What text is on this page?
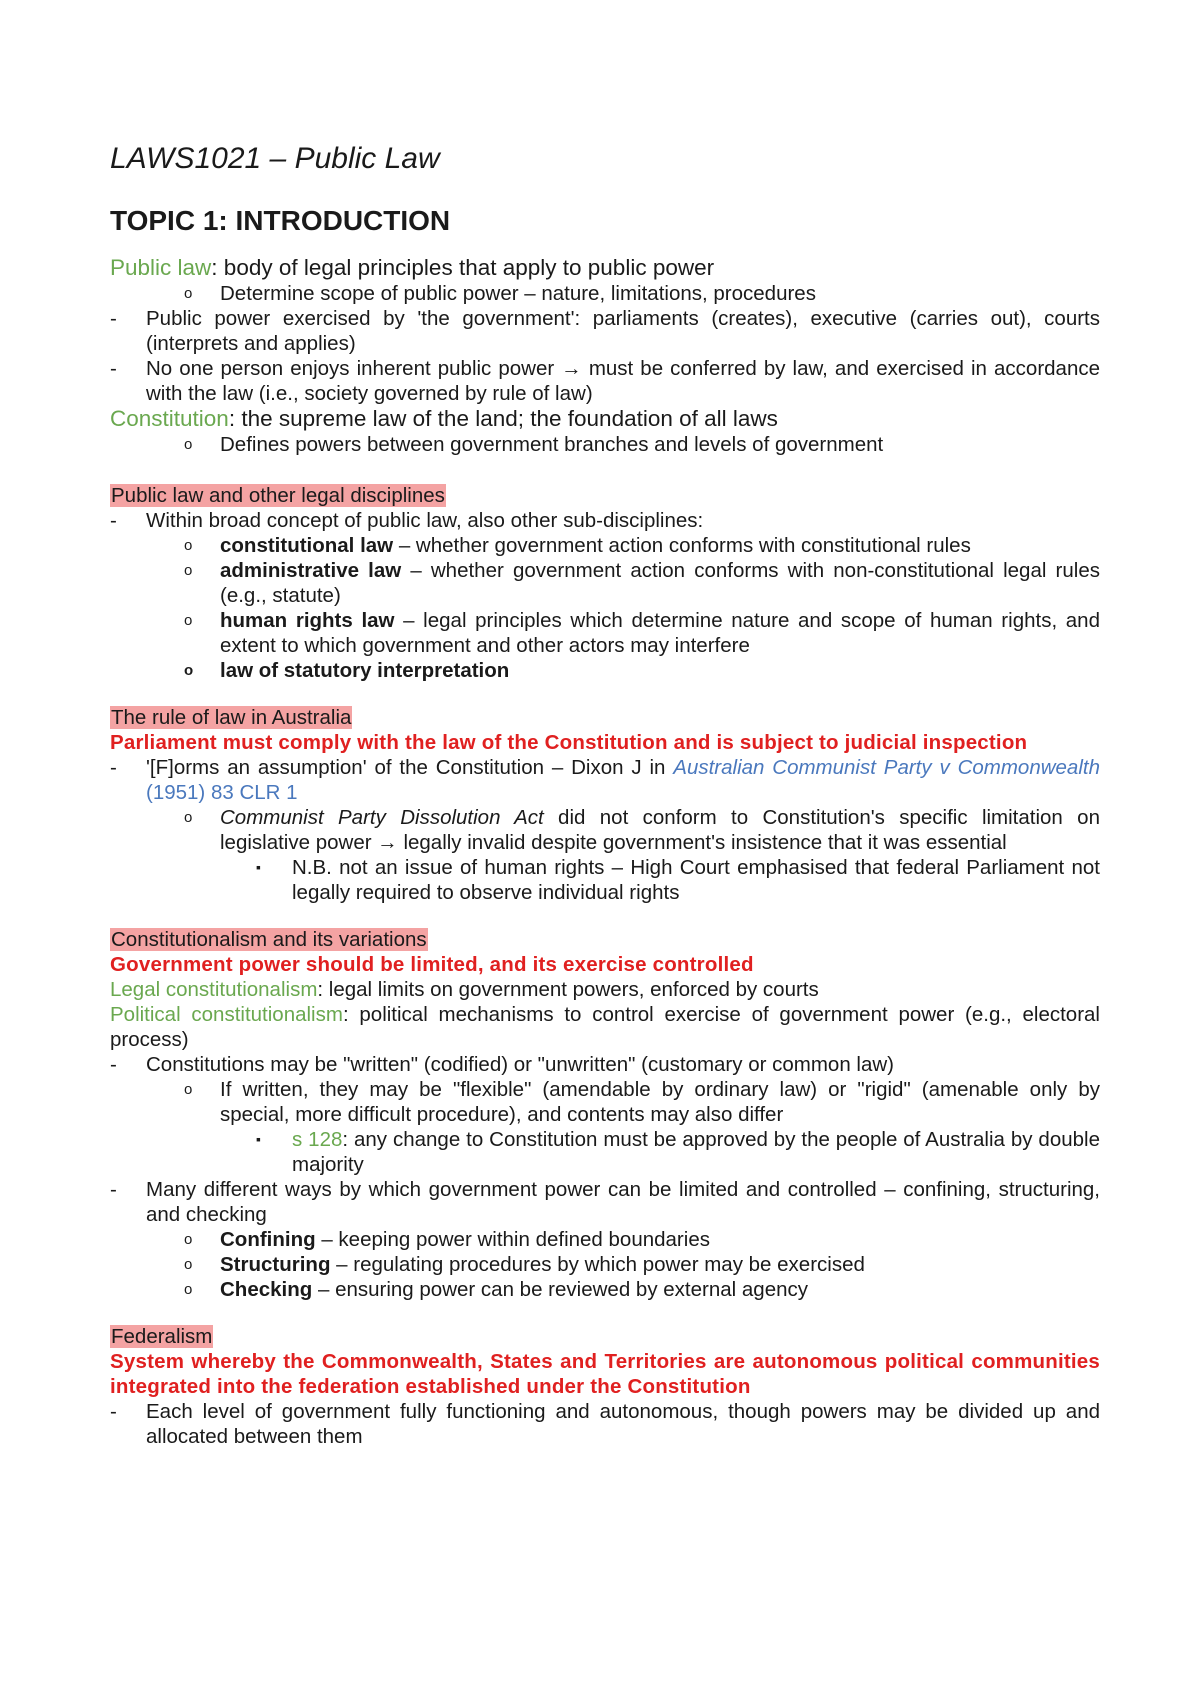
LAWS1021 – Public Law
TOPIC 1: INTRODUCTION
Public law: body of legal principles that apply to public power
o Determine scope of public power – nature, limitations, procedures
- Public power exercised by 'the government': parliaments (creates), executive (carries out), courts (interprets and applies)
- No one person enjoys inherent public power → must be conferred by law, and exercised in accordance with the law (i.e., society governed by rule of law)
Constitution: the supreme law of the land; the foundation of all laws
o Defines powers between government branches and levels of government
Public law and other legal disciplines
- Within broad concept of public law, also other sub-disciplines:
o constitutional law – whether government action conforms with constitutional rules
o administrative law – whether government action conforms with non-constitutional legal rules (e.g., statute)
o human rights law – legal principles which determine nature and scope of human rights, and extent to which government and other actors may interfere
o law of statutory interpretation
The rule of law in Australia
Parliament must comply with the law of the Constitution and is subject to judicial inspection
- '[F]orms an assumption' of the Constitution – Dixon J in Australian Communist Party v Commonwealth (1951) 83 CLR 1
o Communist Party Dissolution Act did not conform to Constitution's specific limitation on legislative power → legally invalid despite government's insistence that it was essential
▪ N.B. not an issue of human rights – High Court emphasised that federal Parliament not legally required to observe individual rights
Constitutionalism and its variations
Government power should be limited, and its exercise controlled
Legal constitutionalism: legal limits on government powers, enforced by courts
Political constitutionalism: political mechanisms to control exercise of government power (e.g., electoral process)
- Constitutions may be "written" (codified) or "unwritten" (customary or common law)
o If written, they may be "flexible" (amendable by ordinary law) or "rigid" (amenable only by special, more difficult procedure), and contents may also differ
▪ s 128: any change to Constitution must be approved by the people of Australia by double majority
- Many different ways by which government power can be limited and controlled – confining, structuring, and checking
o Confining – keeping power within defined boundaries
o Structuring – regulating procedures by which power may be exercised
o Checking – ensuring power can be reviewed by external agency
Federalism
System whereby the Commonwealth, States and Territories are autonomous political communities integrated into the federation established under the Constitution
- Each level of government fully functioning and autonomous, though powers may be divided up and allocated between them
